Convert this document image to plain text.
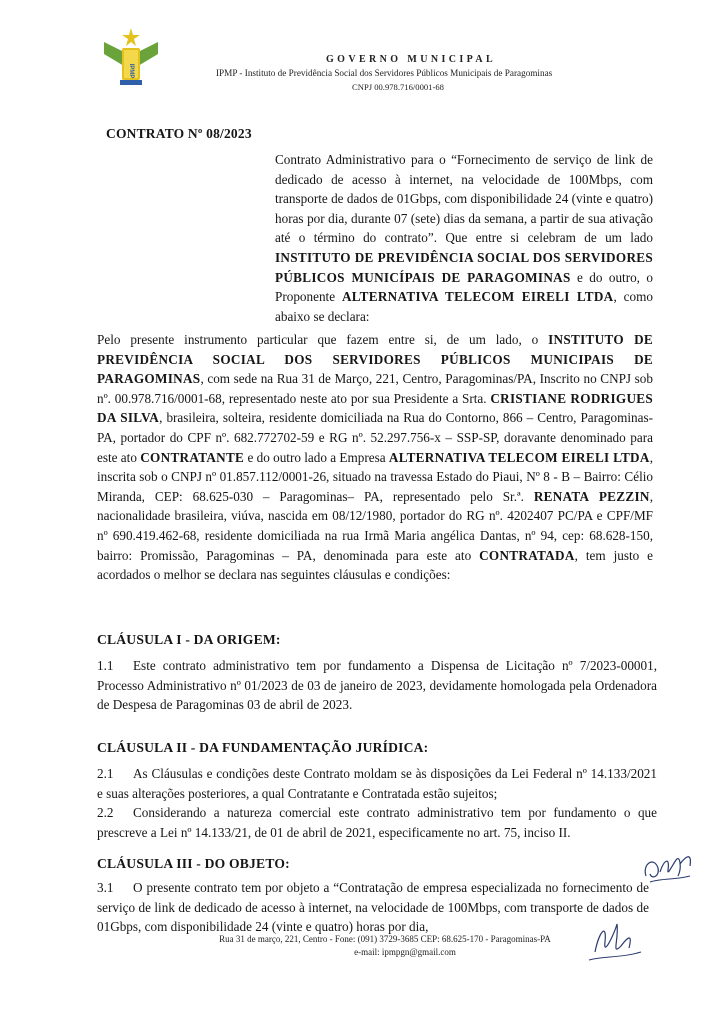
IPMP
GOVERNO MUNICIPAL
IPMP - Instituto de Previdência Social dos Servidores Públicos Municipais de Paragominas
CNPJ 00.978.716/0001-68
CONTRATO Nº 08/2023
Contrato Administrativo para o “Fornecimento de serviço de link de dedicado de acesso à internet, na velocidade de 100Mbps, com transporte de dados de 01Gbps, com disponibilidade 24 (vinte e quatro) horas por dia, durante 07 (sete) dias da semana, a partir de sua ativação até o término do contrato”. Que entre si celebram de um lado INSTITUTO DE PREVIDÊNCIA SOCIAL DOS SERVIDORES PÚBLICOS MUNICÍPAIS DE PARAGOMINAS e do outro, o Proponente ALTERNATIVA TELECOM EIRELI LTDA, como abaixo se declara:
Pelo presente instrumento particular que fazem entre si, de um lado, o INSTITUTO DE PREVIDÊNCIA SOCIAL DOS SERVIDORES PÚBLICOS MUNICIPAIS DE PARAGOMINAS, com sede na Rua 31 de Março, 221, Centro, Paragominas/PA, Inscrito no CNPJ sob nº. 00.978.716/0001-68, representado neste ato por sua Presidente a Srta. CRISTIANE RODRIGUES DA SILVA, brasileira, solteira, residente domiciliada na Rua do Contorno, 866 – Centro, Paragominas-PA, portador do CPF nº. 682.772702-59 e RG nº. 52.297.756-x – SSP-SP, doravante denominado para este ato CONTRATANTE e do outro lado a Empresa ALTERNATIVA TELECOM EIRELI LTDA, inscrita sob o CNPJ nº 01.857.112/0001-26, situado na travessa Estado do Piaui, Nº 8 - B – Bairro: Célio Miranda, CEP: 68.625-030 – Paragominas– PA, representado pelo Sr.ª. RENATA PEZZIN, nacionalidade brasileira, viúva, nascida em 08/12/1980, portador do RG nº. 4202407 PC/PA e CPF/MF nº 690.419.462-68, residente domiciliada na rua Irmã Maria angélica Dantas, nº 94, cep: 68.628-150, bairro: Promissão, Paragominas – PA, denominada para este ato CONTRATADA, tem justo e acordados o melhor se declara nas seguintes cláusulas e condições:
CLÁUSULA I - DA ORIGEM:
1.1 Este contrato administrativo tem por fundamento a Dispensa de Licitação nº 7/2023-00001, Processo Administrativo nº 01/2023 de 03 de janeiro de 2023, devidamente homologada pela Ordenadora de Despesa de Paragominas 03 de abril de 2023.
CLÁUSULA II - DA FUNDAMENTAÇÃO JURÍDICA:
2.1 As Cláusulas e condições deste Contrato moldam se às disposições da Lei Federal nº 14.133/2021 e suas alterações posteriores, a qual Contratante e Contratada estão sujeitos;
2.2 Considerando a natureza comercial este contrato administrativo tem por fundamento o que prescreve a Lei nº 14.133/21, de 01 de abril de 2021, especificamente no art. 75, inciso II.
CLÁUSULA III - DO OBJETO:
3.1 O presente contrato tem por objeto a “Contratação de empresa especializada no fornecimento de serviço de link de dedicado de acesso à internet, na velocidade de 100Mbps, com transporte de dados de 01Gbps, com disponibilidade 24 (vinte e quatro) horas por dia,
Rua 31 de março, 221, Centro - Fone: (091) 3729-3685 CEP: 68.625-170 - Paragominas-PA
e-mail: ipmpgn@gmail.com
